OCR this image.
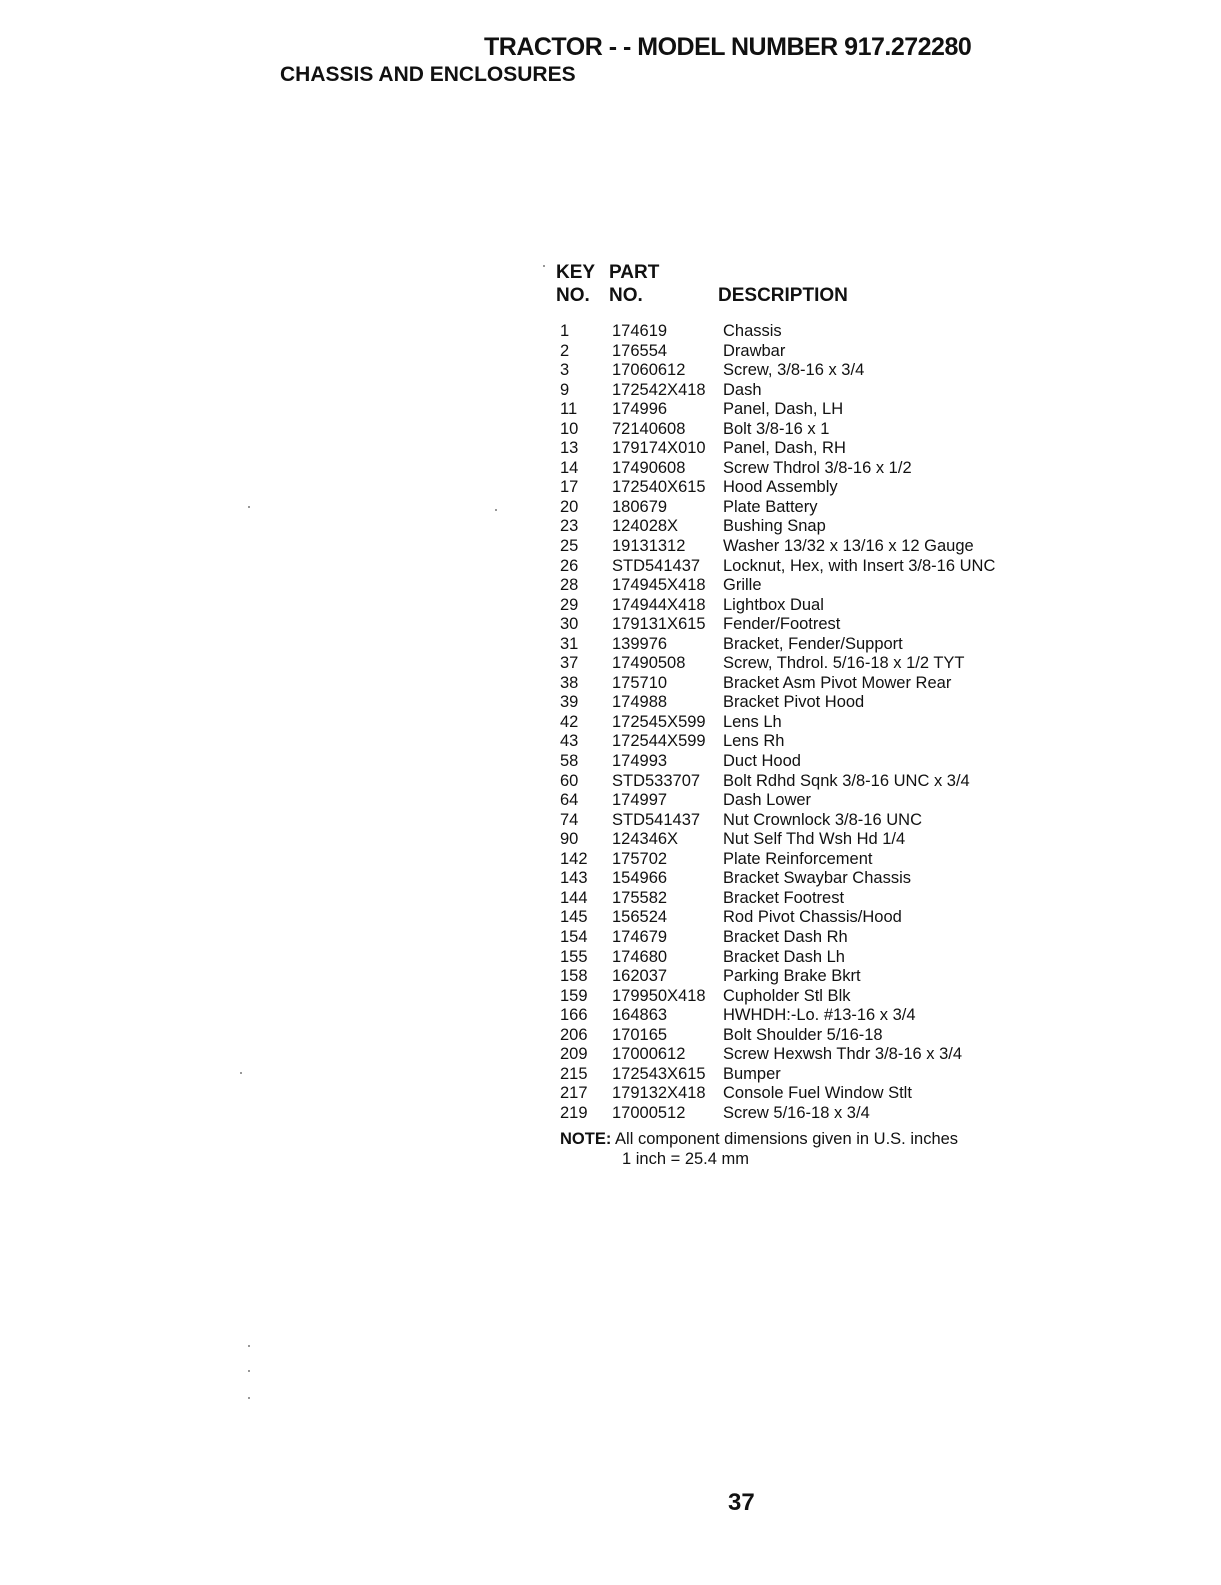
TRACTOR - - MODEL NUMBER 917.272280
CHASSIS AND ENCLOSURES
KEY
NO.
PART
NO.	DESCRIPTION
1	174619	Chassis
2	176554	Drawbar
3	17060612	Screw, 3/8-16 x 3/4
9	172542X418	Dash
11	174996	Panel, Dash, LH
10	72140608	Bolt 3/8-16 x 1
13	179174X010	Panel, Dash, RH
14	17490608	Screw Thdrol 3/8-16 x 1/2
17	172540X615	Hood Assembly
20	180679	Plate Battery
23	124028X	Bushing Snap
25	19131312	Washer 13/32 x 13/16 x 12 Gauge
26	STD541437	Locknut, Hex, with Insert 3/8-16 UNC
28	174945X418	Grille
29	174944X418	Lightbox Dual
30	179131X615	Fender/Footrest
31	139976	Bracket, Fender/Support
37	17490508	Screw, Thdrol. 5/16-18 x 1/2 TYT
38	175710	Bracket Asm Pivot Mower Rear
39	174988	Bracket Pivot Hood
42	172545X599	Lens Lh
43	172544X599	Lens Rh
58	174993	Duct Hood
60	STD533707	Bolt Rdhd Sqnk 3/8-16 UNC x 3/4
64	174997	Dash Lower
74	STD541437	Nut Crownlock 3/8-16 UNC
90	124346X	Nut Self Thd Wsh Hd 1/4
142	175702	Plate Reinforcement
143	154966	Bracket Swaybar Chassis
144	175582	Bracket Footrest
145	156524	Rod Pivot Chassis/Hood
154	174679	Bracket Dash Rh
155	174680	Bracket Dash Lh
158	162037	Parking Brake Bkrt
159	179950X418	Cupholder Stl Blk
166	164863	HWHDH:-Lo. #13-16 x 3/4
206	170165	Bolt Shoulder 5/16-18
209	17000612	Screw Hexwsh Thdr 3/8-16 x 3/4
215	172543X615	Bumper
217	179132X418	Console Fuel Window Stlt
219	17000512	Screw 5/16-18 x 3/4
NOTE: All component dimensions given in U.S. inches
1 inch = 25.4 mm
37
